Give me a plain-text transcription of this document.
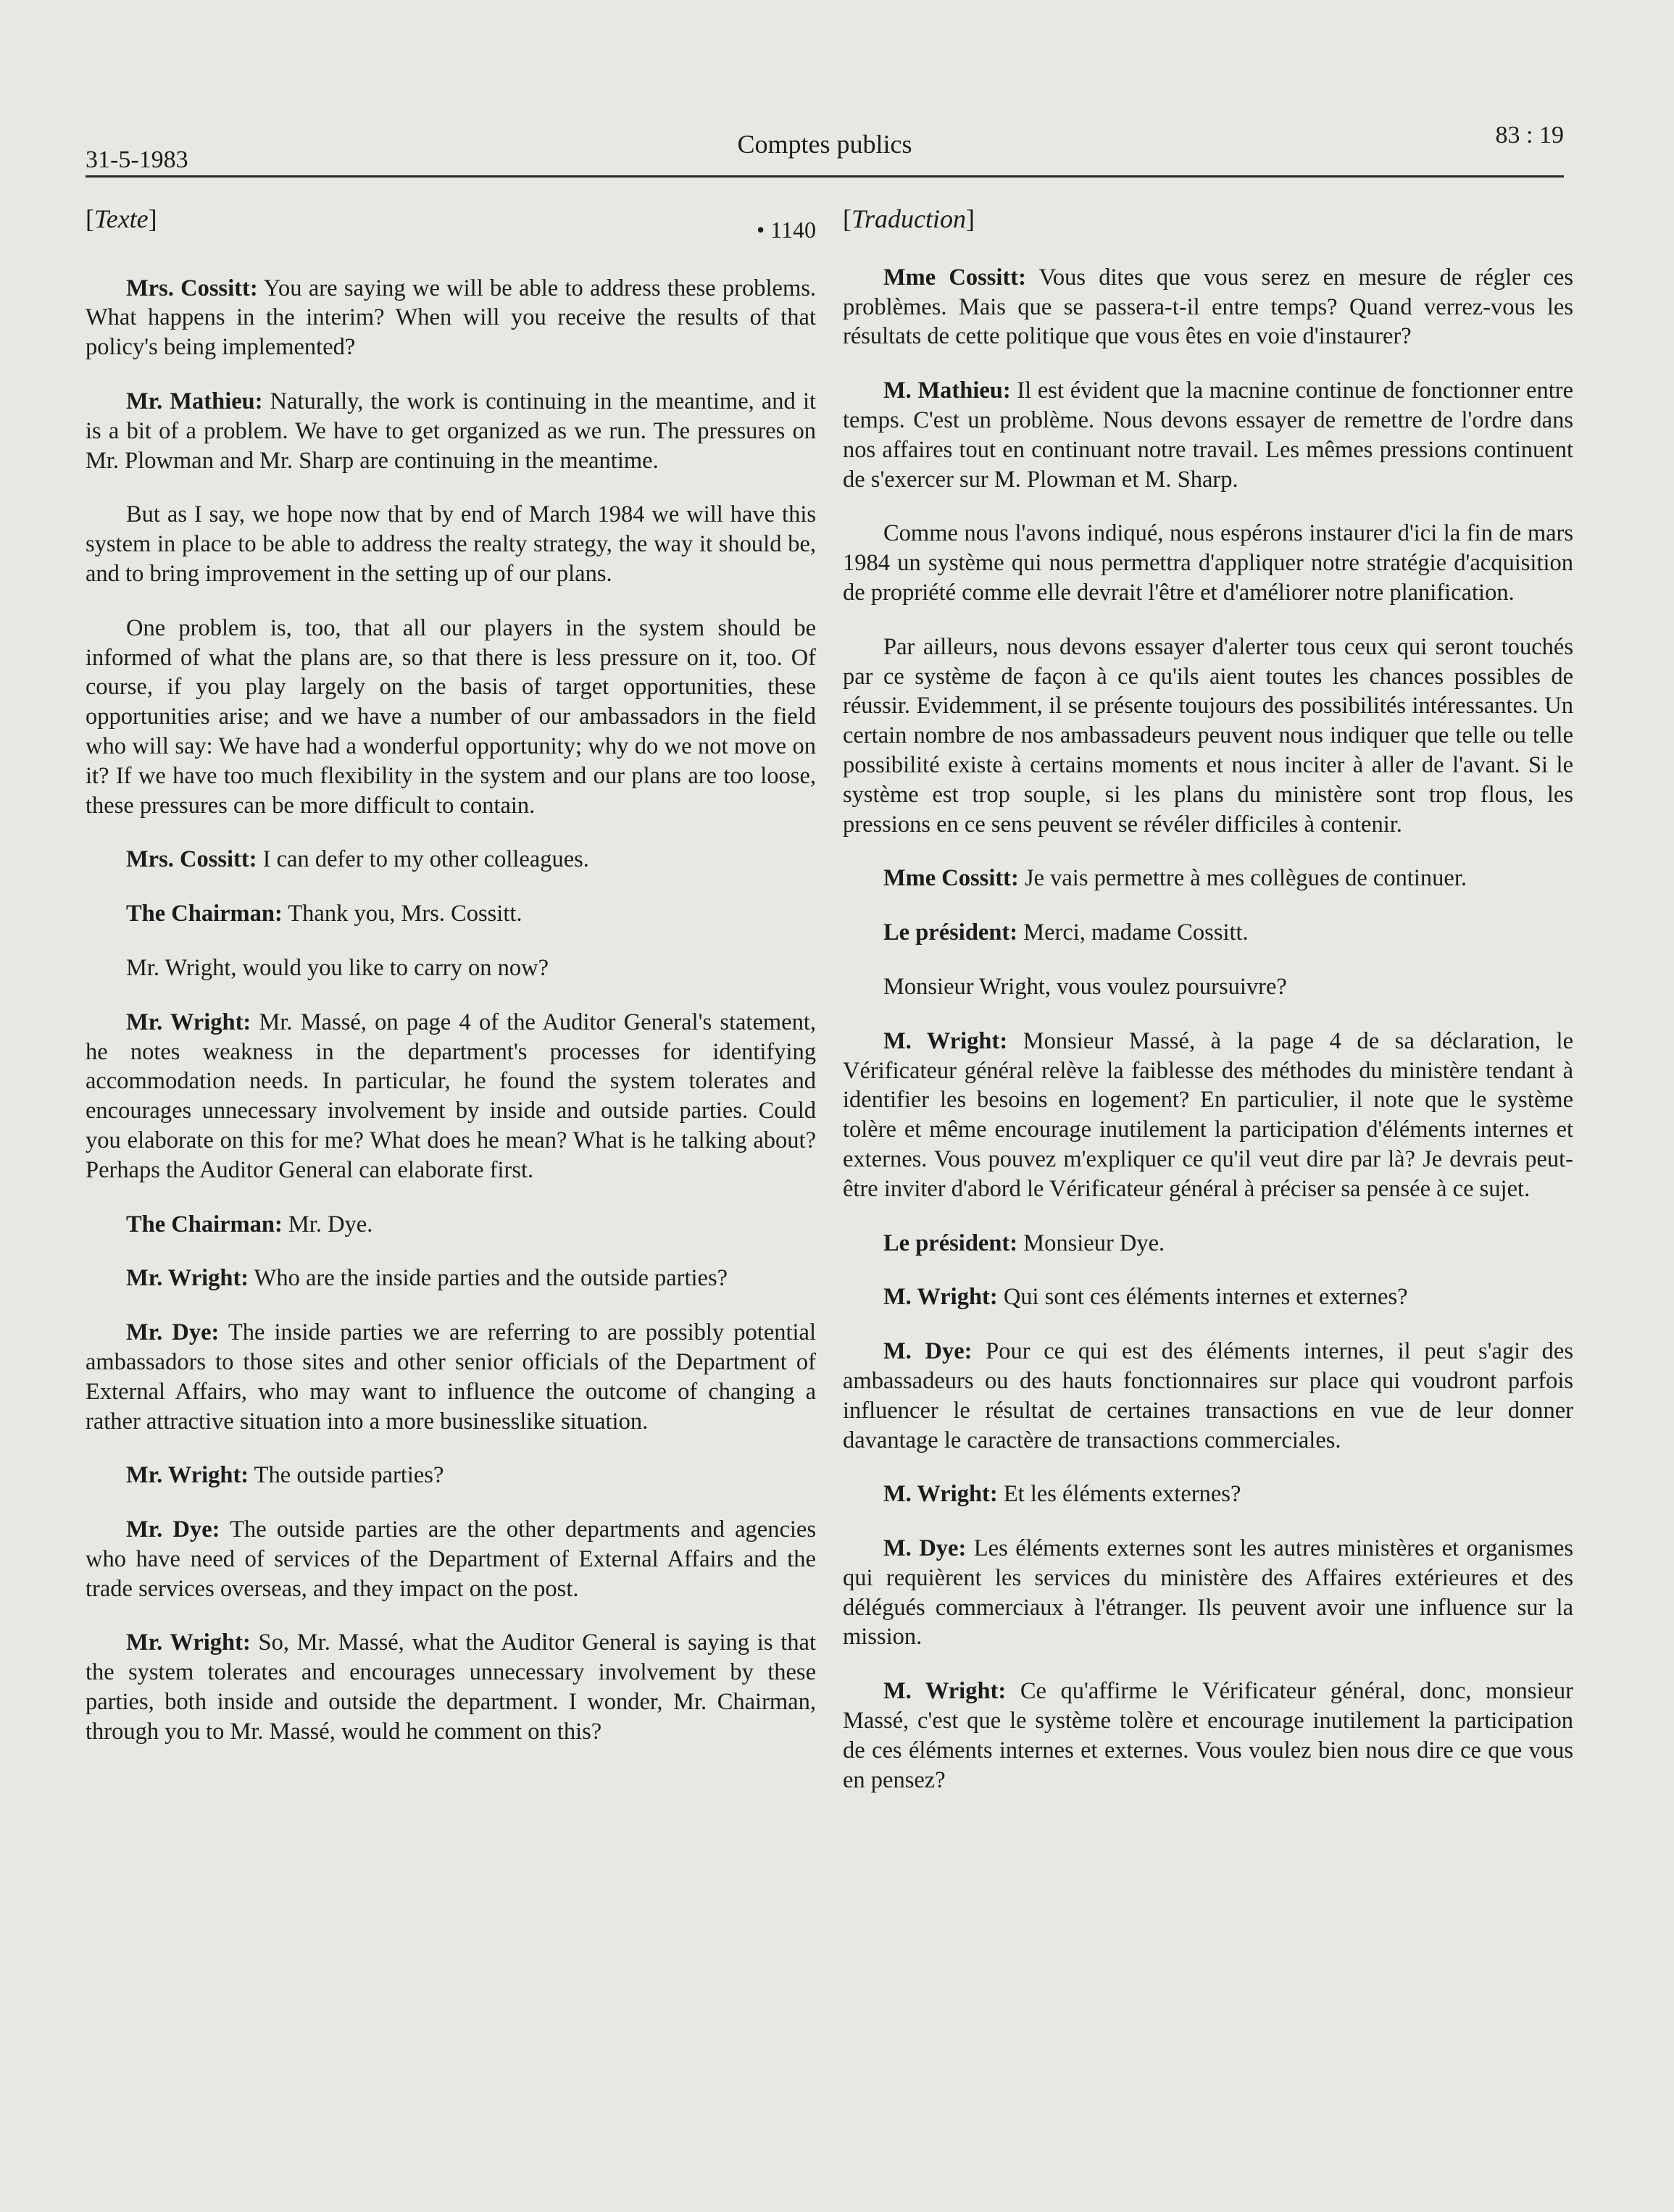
31-5-1983
Comptes publics	83 : 19
[Texte]	• 1140

Mrs. Cossitt: You are saying we will be able to address these problems. What happens in the interim? When will you receive the results of that policy's being implemented?

Mr. Mathieu: Naturally, the work is continuing in the meantime, and it is a bit of a problem. We have to get organized as we run. The pressures on Mr. Plowman and Mr. Sharp are continuing in the meantime.

But as I say, we hope now that by end of March 1984 we will have this system in place to be able to address the realty strategy, the way it should be, and to bring improvement in the setting up of our plans.

One problem is, too, that all our players in the system should be informed of what the plans are, so that there is less pressure on it, too. Of course, if you play largely on the basis of target opportunities, these opportunities arise; and we have a number of our ambassadors in the field who will say: We have had a wonderful opportunity; why do we not move on it? If we have too much flexibility in the system and our plans are too loose, these pressures can be more difficult to contain.

Mrs. Cossitt: I can defer to my other colleagues.

The Chairman: Thank you, Mrs. Cossitt.

Mr. Wright, would you like to carry on now?

Mr. Wright: Mr. Massé, on page 4 of the Auditor General's statement, he notes weakness in the department's processes for identifying accommodation needs. In particular, he found the system tolerates and encourages unnecessary involvement by inside and outside parties. Could you elaborate on this for me? What does he mean? What is he talking about? Perhaps the Auditor General can elaborate first.

The Chairman: Mr. Dye.

Mr. Wright: Who are the inside parties and the outside parties?

Mr. Dye: The inside parties we are referring to are possibly potential ambassadors to those sites and other senior officials of the Department of External Affairs, who may want to influence the outcome of changing a rather attractive situation into a more businesslike situation.

Mr. Wright: The outside parties?

Mr. Dye: The outside parties are the other departments and agencies who have need of services of the Department of External Affairs and the trade services overseas, and they impact on the post.

Mr. Wright: So, Mr. Massé, what the Auditor General is saying is that the system tolerates and encourages unnecessary involvement by these parties, both inside and outside the department. I wonder, Mr. Chairman, through you to Mr. Massé, would he comment on this?

[Traduction]

Mme Cossitt: Vous dites que vous serez en mesure de régler ces problèmes. Mais que se passera-t-il entre temps? Quand verrez-vous les résultats de cette politique que vous êtes en voie d'instaurer?

M. Mathieu: Il est évident que la macnine continue de fonctionner entre temps. C'est un problème. Nous devons essayer de remettre de l'ordre dans nos affaires tout en continuant notre travail. Les mêmes pressions continuent de s'exercer sur M. Plowman et M. Sharp.

Comme nous l'avons indiqué, nous espérons instaurer d'ici la fin de mars 1984 un système qui nous permettra d'appliquer notre stratégie d'acquisition de propriété comme elle devrait l'être et d'améliorer notre planification.

Par ailleurs, nous devons essayer d'alerter tous ceux qui seront touchés par ce système de façon à ce qu'ils aient toutes les chances possibles de réussir. Evidemment, il se présente toujours des possibilités intéressantes. Un certain nombre de nos ambassadeurs peuvent nous indiquer que telle ou telle possibilité existe à certains moments et nous inciter à aller de l'avant. Si le système est trop souple, si les plans du ministère sont trop flous, les pressions en ce sens peuvent se révéler difficiles à contenir.

Mme Cossitt: Je vais permettre à mes collègues de continuer.

Le président: Merci, madame Cossitt.

Monsieur Wright, vous voulez poursuivre?

M. Wright: Monsieur Massé, à la page 4 de sa déclaration, le Vérificateur général relève la faiblesse des méthodes du ministère tendant à identifier les besoins en logement? En particulier, il note que le système tolère et même encourage inutilement la participation d'éléments internes et externes. Vous pouvez m'expliquer ce qu'il veut dire par là? Je devrais peut-être inviter d'abord le Vérificateur général à préciser sa pensée à ce sujet.

Le président: Monsieur Dye.

M. Wright: Qui sont ces éléments internes et externes?

M. Dye: Pour ce qui est des éléments internes, il peut s'agir des ambassadeurs ou des hauts fonctionnaires sur place qui voudront parfois influencer le résultat de certaines transactions en vue de leur donner davantage le caractère de transactions commerciales.

M. Wright: Et les éléments externes?

M. Dye: Les éléments externes sont les autres ministères et organismes qui requièrent les services du ministère des Affaires extérieures et des délégués commerciaux à l'étranger. Ils peuvent avoir une influence sur la mission.

M. Wright: Ce qu'affirme le Vérificateur général, donc, monsieur Massé, c'est que le système tolère et encourage inutilement la participation de ces éléments internes et externes. Vous voulez bien nous dire ce que vous en pensez?
